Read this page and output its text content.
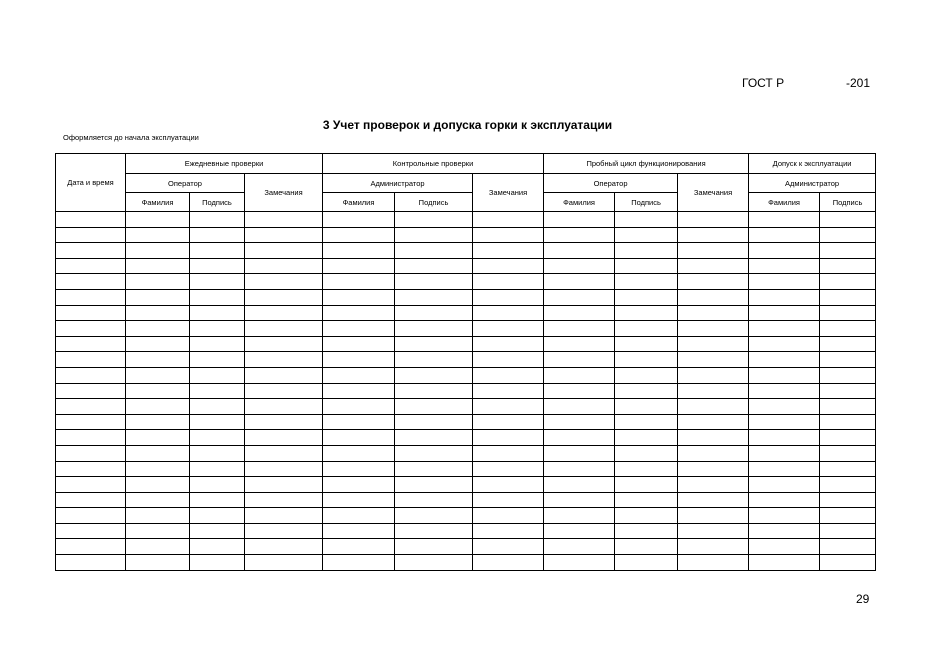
ГОСТ Р	-201
3 Учет проверок и допуска горки к эксплуатации
Оформляется до начала эксплуатации
Дата и время	Ежедневные проверки			Контрольные проверки			Пробный цикл функционирования			Допуск к эксплуатации	
	Оператор		Замечания	Администратор		Замечания	Оператор		Замечания	Администратор	
	Фамилия	Подпись		Фамилия	Подпись		Фамилия	Подпись		Фамилия	Подпись

29
